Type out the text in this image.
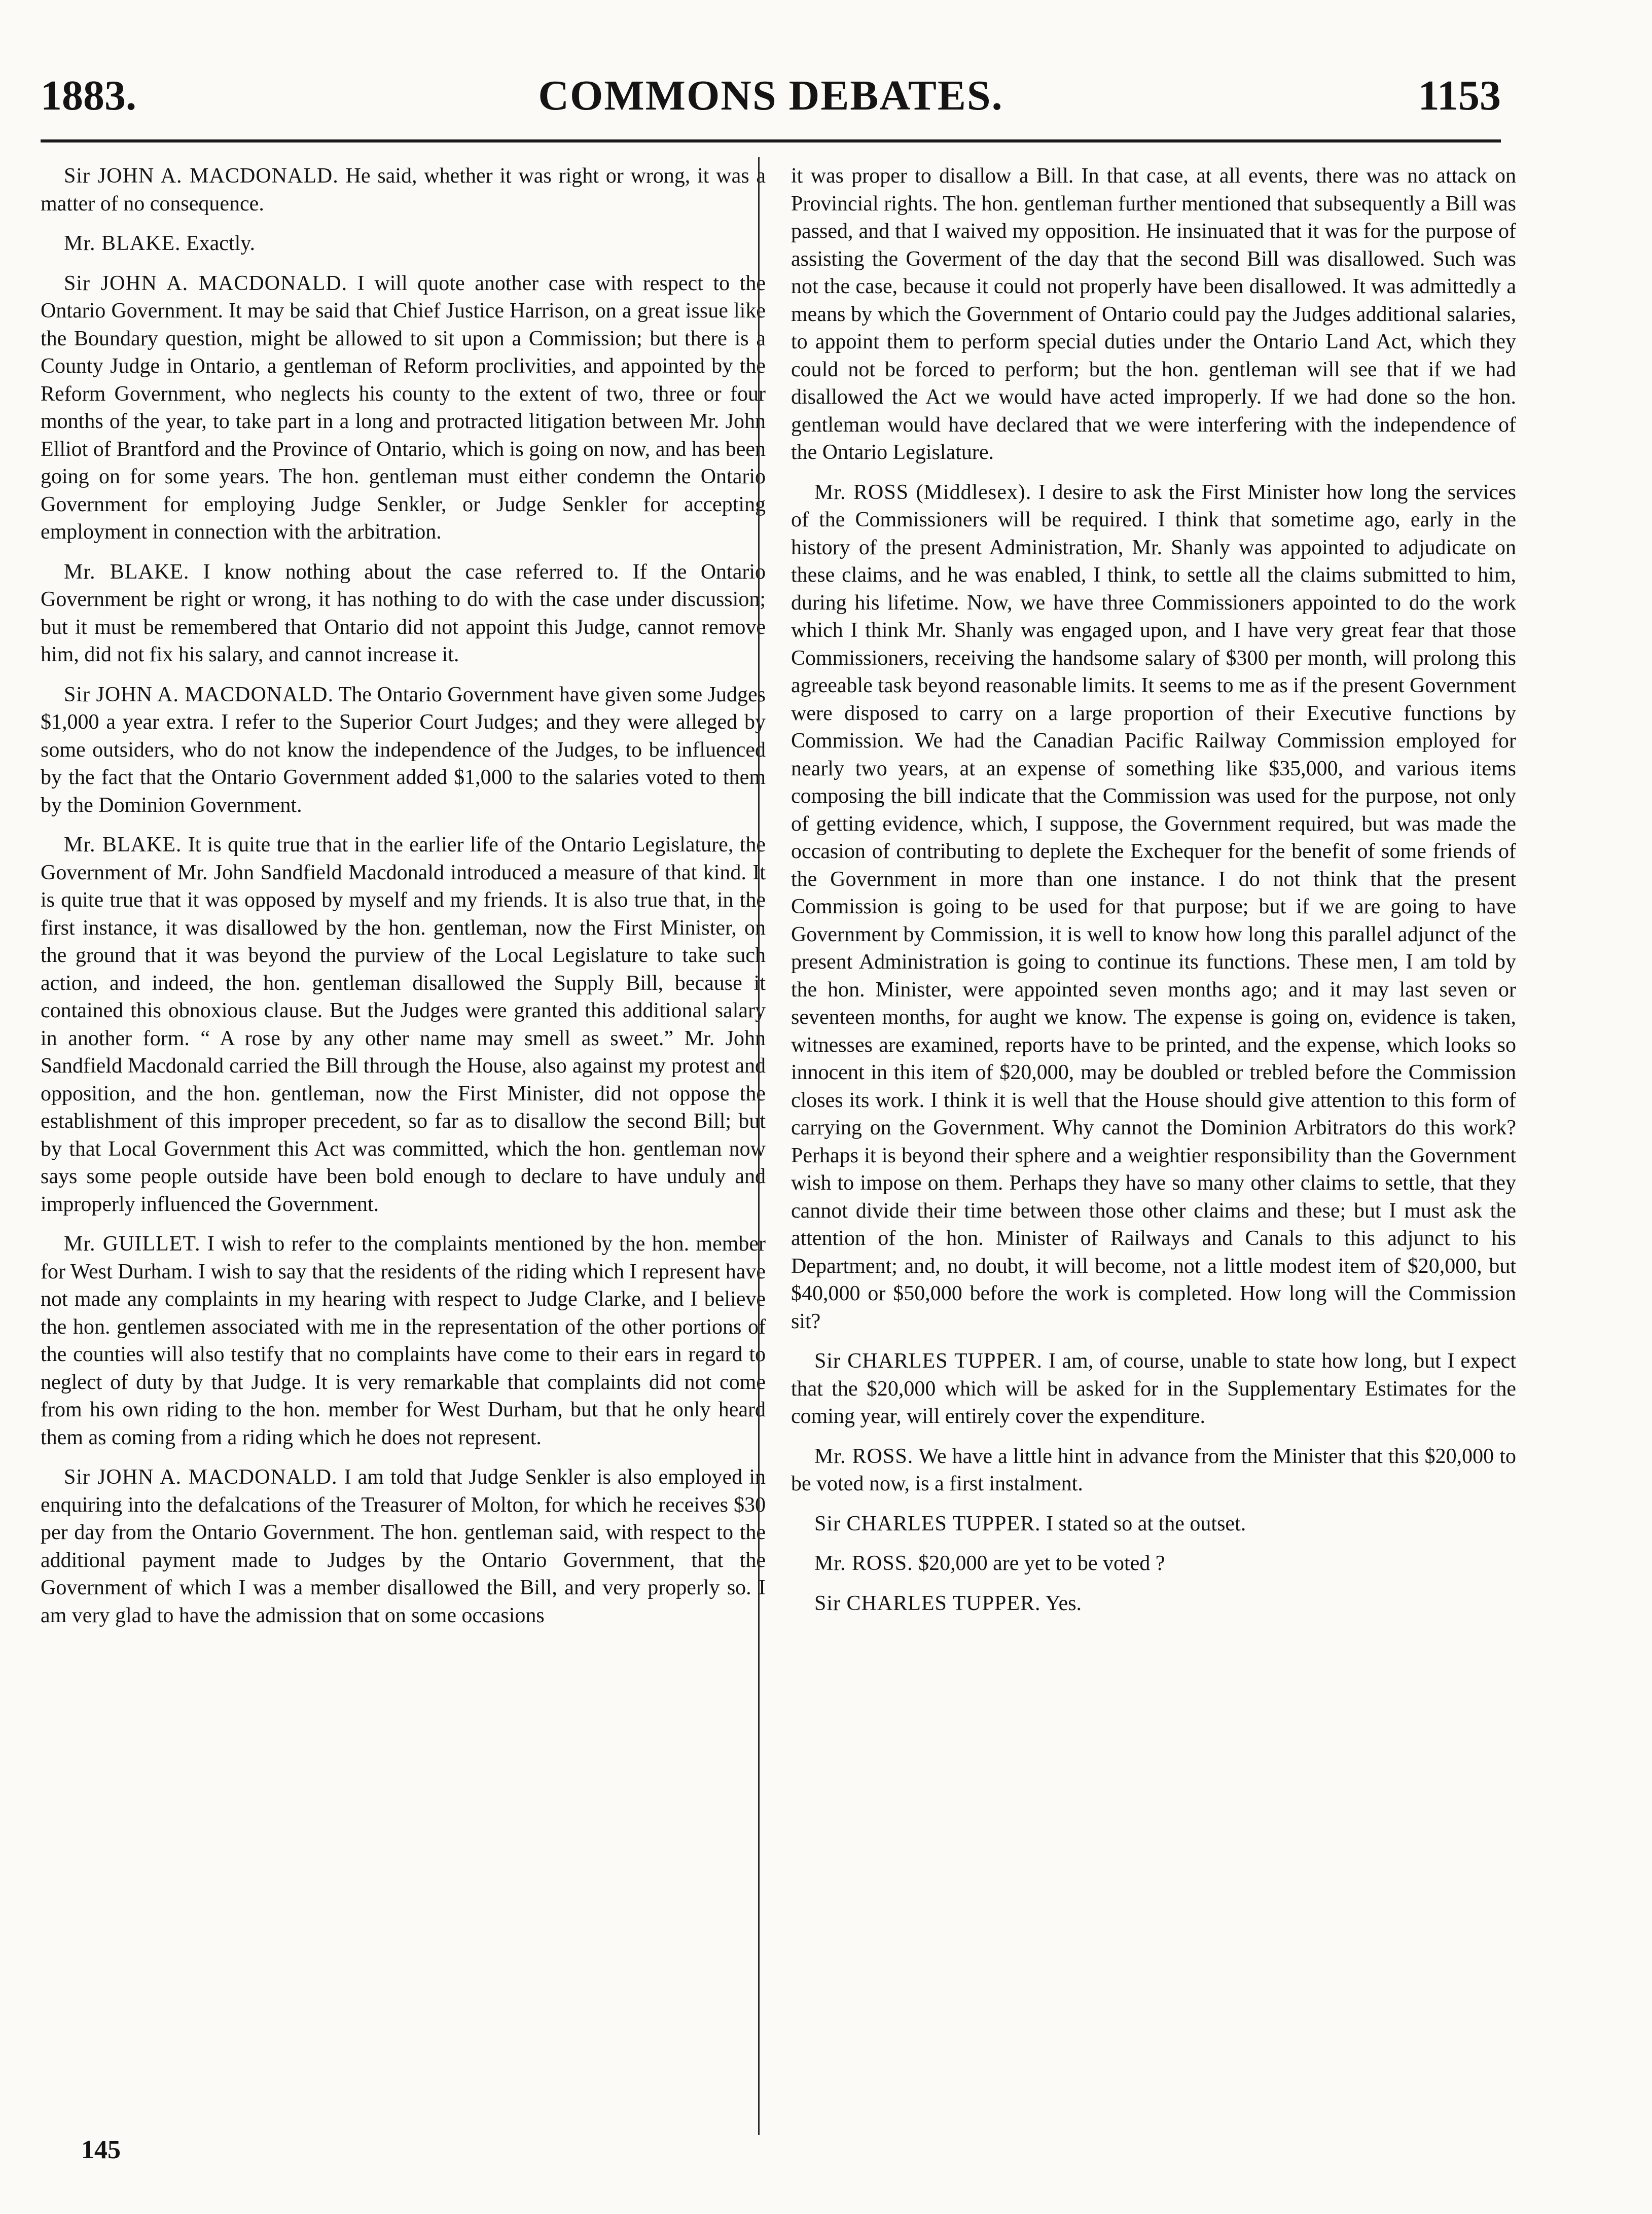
COMMONS DEBATES.
1883.	1153

Sir JOHN A. MACDONALD. He said, whether it was right or wrong, it was a matter of no consequence.

Mr. BLAKE. Exactly.

Sir JOHN A. MACDONALD. I will quote another case with respect to the Ontario Government. It may be said that Chief Justice Harrison, on a great issue like the Boundary question, might be allowed to sit upon a Commission; but there is a County Judge in Ontario, a gentleman of Reform proclivities, and appointed by the Reform Government, who neglects his county to the extent of two, three or four months of the year, to take part in a long and protracted litigation between Mr. John Elliot of Brantford and the Province of Ontario, which is going on now, and has been going on for some years. The hon. gentleman must either condemn the Ontario Government for employing Judge Senkler, or Judge Senkler for accepting employment in connection with the arbitration.

Mr. BLAKE. I know nothing about the case referred to. If the Ontario Government be right or wrong, it has nothing to do with the case under discussion; but it must be remembered that Ontario did not appoint this Judge, cannot remove him, did not fix his salary, and cannot increase it.

Sir JOHN A. MACDONALD. The Ontario Government have given some Judges $1,000 a year extra. I refer to the Superior Court Judges; and they were alleged by some outsiders, who do not know the independence of the Judges, to be influenced by the fact that the Ontario Government added $1,000 to the salaries voted to them by the Dominion Government.

Mr. BLAKE. It is quite true that in the earlier life of the Ontario Legislature, the Government of Mr. John Sandfield Macdonald introduced a measure of that kind. It is quite true that it was opposed by myself and my friends. It is also true that, in the first instance, it was disallowed by the hon. gentleman, now the First Minister, on the ground that it was beyond the purview of the Local Legislature to take such action, and indeed, the hon. gentleman disallowed the Supply Bill, because it contained this obnoxious clause. But the Judges were granted this additional salary in another form. “ A rose by any other name may smell as sweet.” Mr. John Sandfield Macdonald carried the Bill through the House, also against my protest and opposition, and the hon. gentleman, now the First Minister, did not oppose the establishment of this improper precedent, so far as to disallow the second Bill; but by that Local Government this Act was committed, which the hon. gentleman now says some people outside have been bold enough to declare to have unduly and improperly influenced the Government.

Mr. GUILLET. I wish to refer to the complaints mentioned by the hon. member for West Durham. I wish to say that the residents of the riding which I represent have not made any complaints in my hearing with respect to Judge Clarke, and I believe the hon. gentlemen associated with me in the representation of the other portions of the counties will also testify that no complaints have come to their ears in regard to neglect of duty by that Judge. It is very remarkable that complaints did not come from his own riding to the hon. member for West Durham, but that he only heard them as coming from a riding which he does not represent.

Sir JOHN A. MACDONALD. I am told that Judge Senkler is also employed in enquiring into the defalcations of the Treasurer of Molton, for which he receives $30 per day from the Ontario Government. The hon. gentleman said, with respect to the additional payment made to Judges by the Ontario Government, that the Government of which I was a member disallowed the Bill, and very properly so. I am very glad to have the admission that on some occasions

it was proper to disallow a Bill. In that case, at all events, there was no attack on Provincial rights. The hon. gentleman further mentioned that subsequently a Bill was passed, and that I waived my opposition. He insinuated that it was for the purpose of assisting the Goverment of the day that the second Bill was disallowed. Such was not the case, because it could not properly have been disallowed. It was admittedly a means by which the Government of Ontario could pay the Judges additional salaries, to appoint them to perform special duties under the Ontario Land Act, which they could not be forced to perform; but the hon. gentleman will see that if we had disallowed the Act we would have acted improperly. If we had done so the hon. gentleman would have declared that we were interfering with the independence of the Ontario Legislature.

Mr. ROSS (Middlesex). I desire to ask the First Minister how long the services of the Commissioners will be required. I think that sometime ago, early in the history of the present Administration, Mr. Shanly was appointed to adjudicate on these claims, and he was enabled, I think, to settle all the claims submitted to him, during his lifetime. Now, we have three Commissioners appointed to do the work which I think Mr. Shanly was engaged upon, and I have very great fear that those Commissioners, receiving the handsome salary of $300 per month, will prolong this agreeable task beyond reasonable limits. It seems to me as if the present Government were disposed to carry on a large proportion of their Executive functions by Commission. We had the Canadian Pacific Railway Commission employed for nearly two years, at an expense of something like $35,000, and various items composing the bill indicate that the Commission was used for the purpose, not only of getting evidence, which, I suppose, the Government required, but was made the occasion of contributing to deplete the Exchequer for the benefit of some friends of the Government in more than one instance. I do not think that the present Commission is going to be used for that purpose; but if we are going to have Government by Commission, it is well to know how long this parallel adjunct of the present Administration is going to continue its functions. These men, I am told by the hon. Minister, were appointed seven months ago; and it may last seven or seventeen months, for aught we know. The expense is going on, evidence is taken, witnesses are examined, reports have to be printed, and the expense, which looks so innocent in this item of $20,000, may be doubled or trebled before the Commission closes its work. I think it is well that the House should give attention to this form of carrying on the Government. Why cannot the Dominion Arbitrators do this work? Perhaps it is beyond their sphere and a weightier responsibility than the Government wish to impose on them. Perhaps they have so many other claims to settle, that they cannot divide their time between those other claims and these; but I must ask the attention of the hon. Minister of Railways and Canals to this adjunct to his Department; and, no doubt, it will become, not a little modest item of $20,000, but $40,000 or $50,000 before the work is completed. How long will the Commission sit?

Sir CHARLES TUPPER. I am, of course, unable to state how long, but I expect that the $20,000 which will be asked for in the Supplementary Estimates for the coming year, will entirely cover the expenditure.

Mr. ROSS. We have a little hint in advance from the Minister that this $20,000 to be voted now, is a first instalment.

Sir CHARLES TUPPER. I stated so at the outset.

Mr. ROSS. $20,000 are yet to be voted ?

Sir CHARLES TUPPER. Yes.

145
